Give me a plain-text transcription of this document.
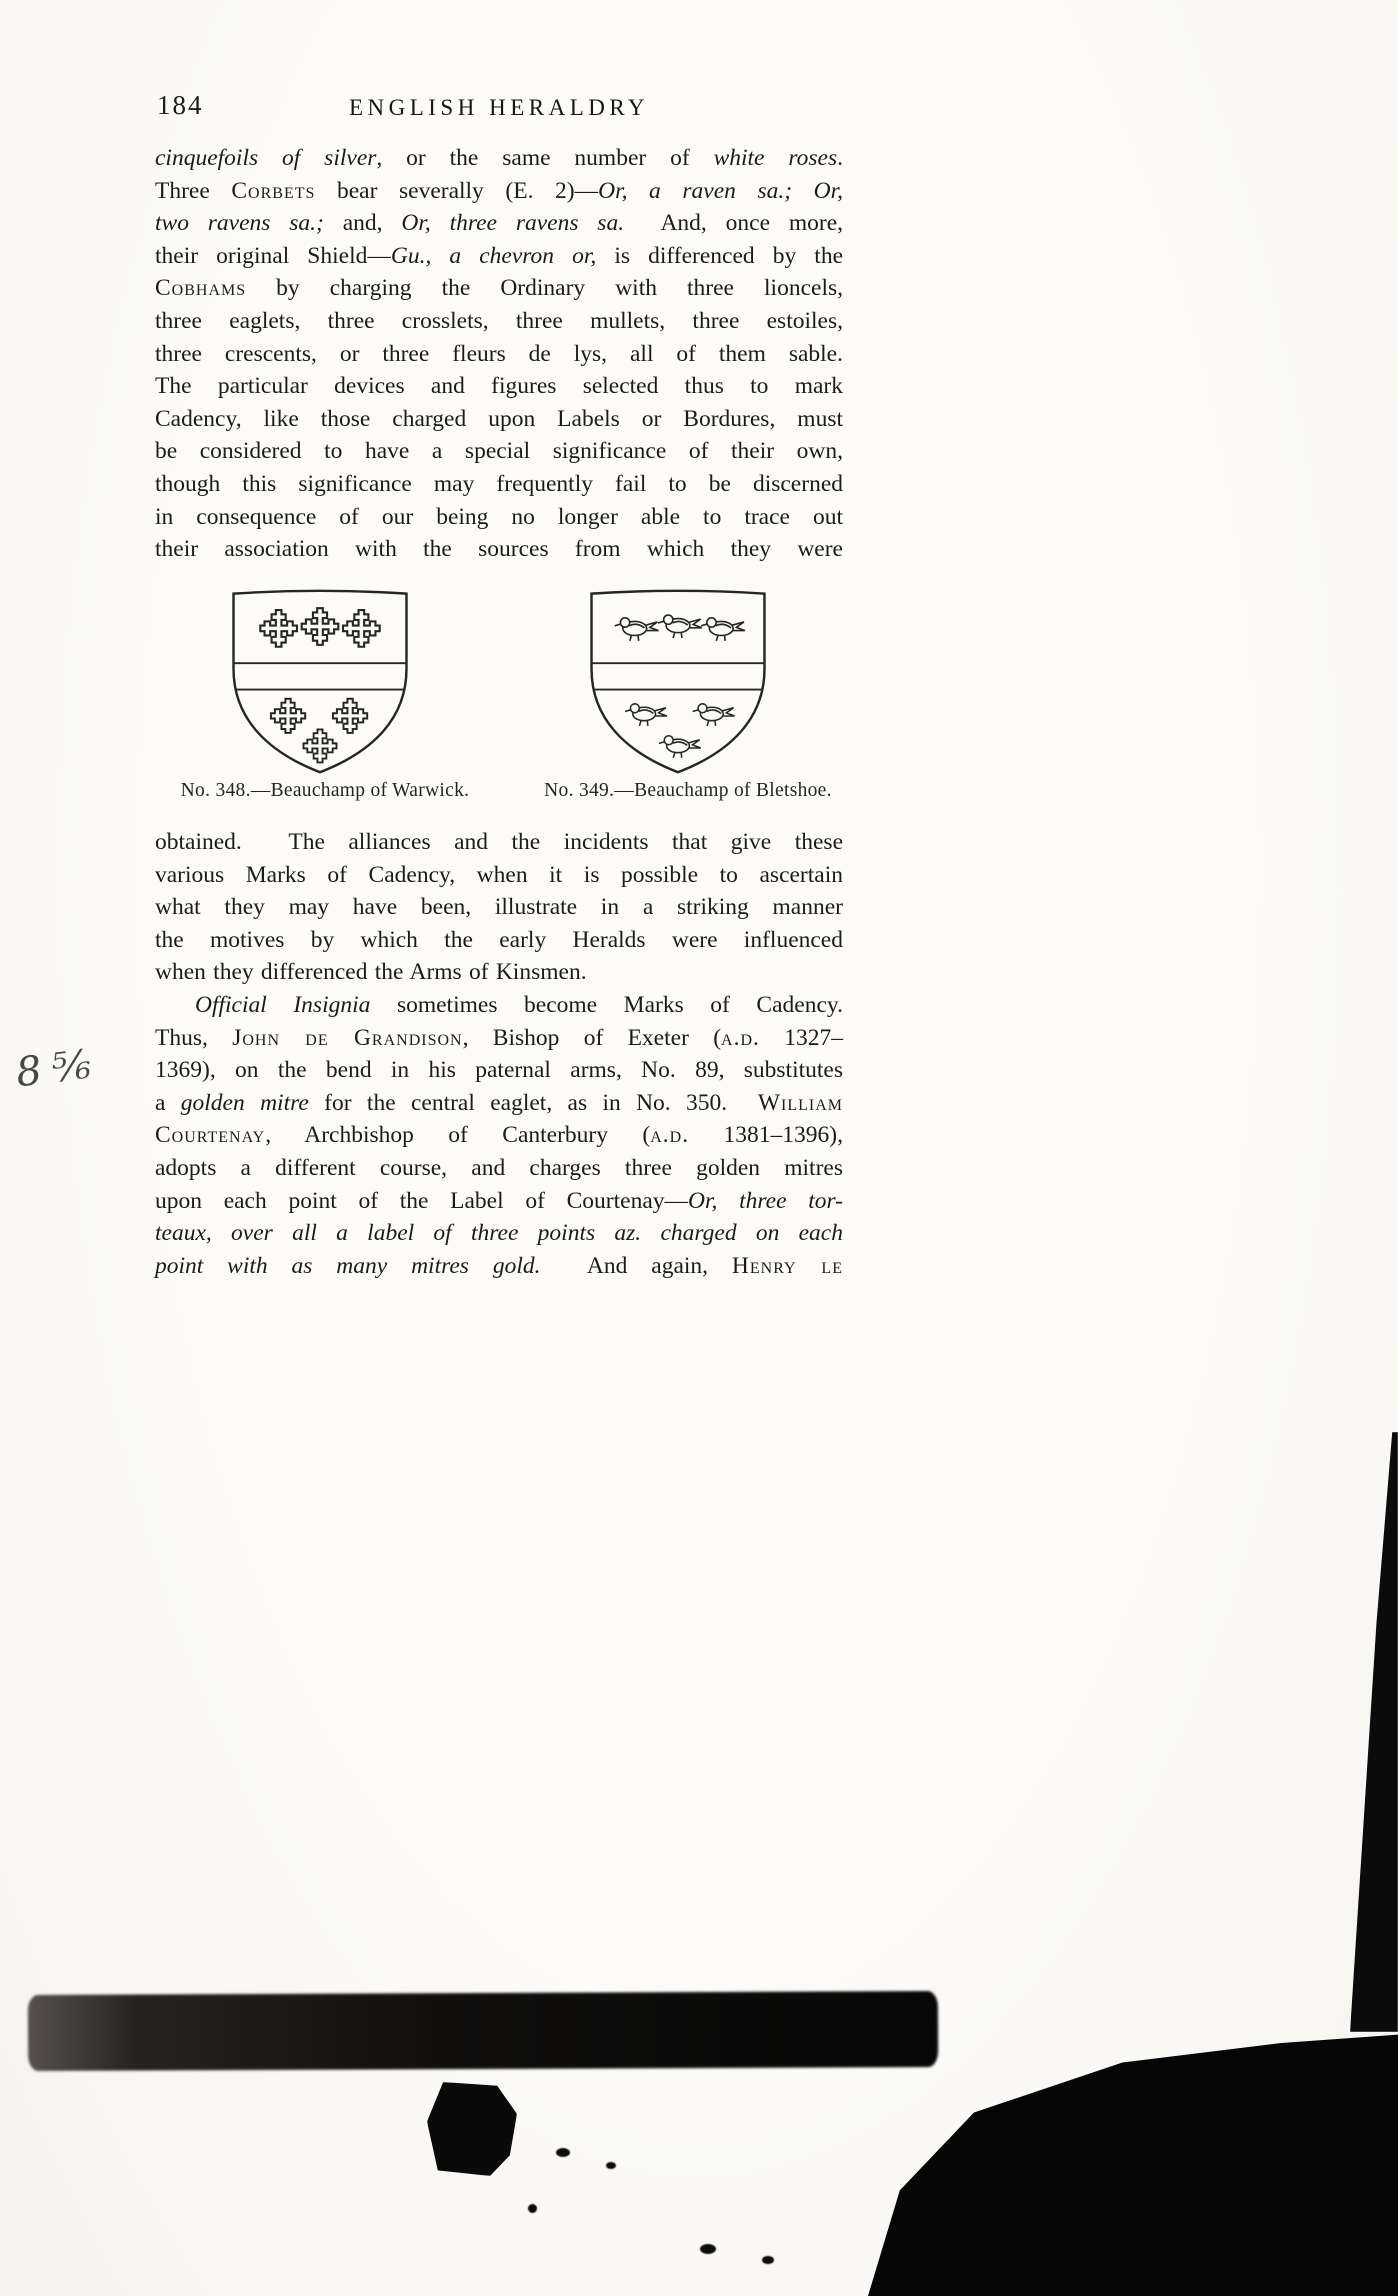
184	ENGLISH HERALDRY
cinquefoils of silver, or the same number of white roses.
Three Corbets bear severally (E. 2)—Or, a raven sa.; Or,
two ravens sa.; and, Or, three ravens sa.  And, once more,
their original Shield—Gu., a chevron or, is differenced by the
Cobhams by charging the Ordinary with three lioncels,
three eaglets, three crosslets, three mullets, three estoiles,
three crescents, or three fleurs de lys, all of them sable.
The particular devices and figures selected thus to mark
Cadency, like those charged upon Labels or Bordures, must
be considered to have a special significance of their own,
though this significance may frequently fail to be discerned
in consequence of our being no longer able to trace out
their association with the sources from which they were
No. 348.—Beauchamp of Warwick.	No. 349.—Beauchamp of Bletshoe.
obtained.  The alliances and the incidents that give these
various Marks of Cadency, when it is possible to ascertain
what they may have been, illustrate in a striking manner
the motives by which the early Heralds were influenced
when they differenced the Arms of Kinsmen.
Official Insignia sometimes become Marks of Cadency.
Thus, John de Grandison, Bishop of Exeter (a.d. 1327–
1369), on the bend in his paternal arms, No. 89, substitutes
a golden mitre for the central eaglet, as in No. 350.  William
Courtenay, Archbishop of Canterbury (a.d. 1381–1396),
adopts a different course, and charges three golden mitres
upon each point of the Label of Courtenay—Or, three tor-
teaux, over all a label of three points az. charged on each
point with as many mitres gold.  And again, Henry le
8 ⅚
